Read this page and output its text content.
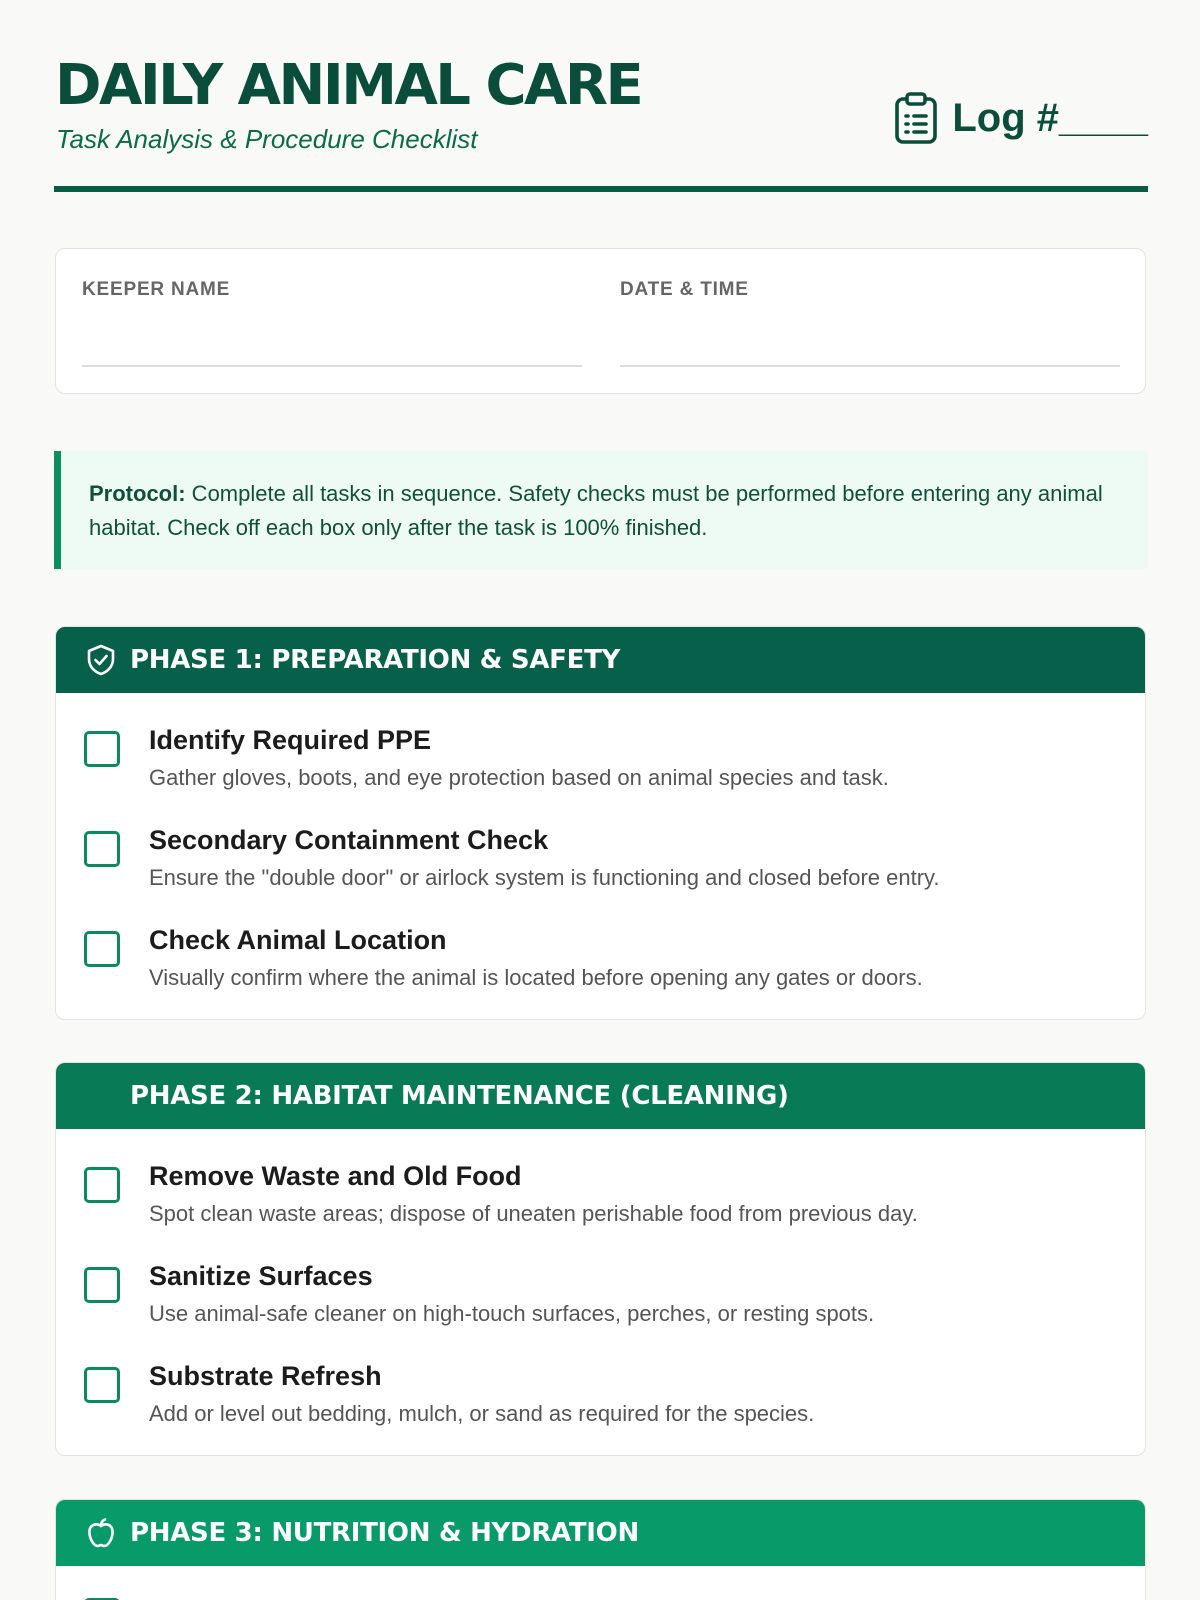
DAILY ANIMAL CARE
Task Analysis & Procedure Checklist	Log #____
KEEPER NAME	DATE & TIME
Protocol: Complete all tasks in sequence. Safety checks must be performed before entering any animal habitat. Check off each box only after the task is 100% finished.
PHASE 1: PREPARATION & SAFETY
Identify Required PPE
Gather gloves, boots, and eye protection based on animal species and task.
Secondary Containment Check
Ensure the "double door" or airlock system is functioning and closed before entry.
Check Animal Location
Visually confirm where the animal is located before opening any gates or doors.
PHASE 2: HABITAT MAINTENANCE (CLEANING)
Remove Waste and Old Food
Spot clean waste areas; dispose of uneaten perishable food from previous day.
Sanitize Surfaces
Use animal-safe cleaner on high-touch surfaces, perches, or resting spots.
Substrate Refresh
Add or level out bedding, mulch, or sand as required for the species.
PHASE 3: NUTRITION & HYDRATION
